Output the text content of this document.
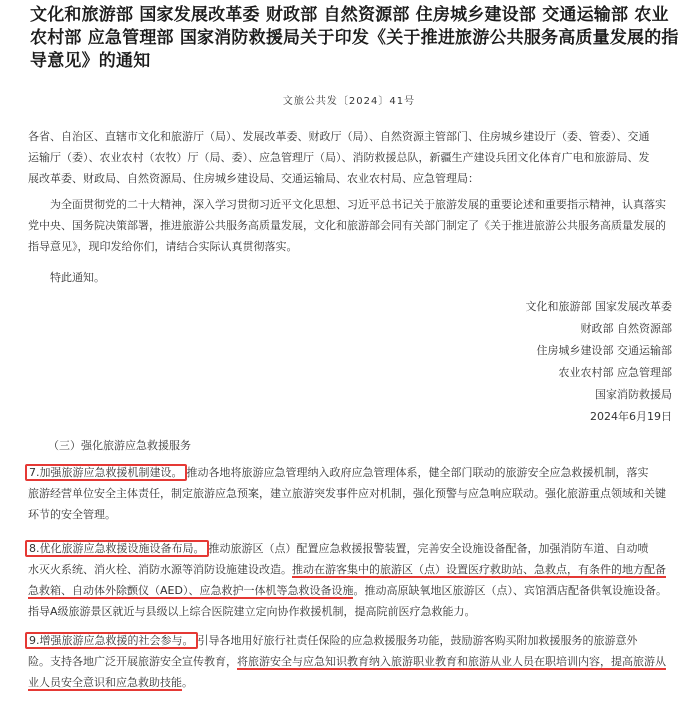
文化和旅游部 国家发展改革委 财政部 自然资源部 住房城乡建设部 交通运输部 农业
农村部 应急管理部 国家消防救援局关于印发《关于推进旅游公共服务高质量发展的指
导意见》的通知
文旅公共发〔2024〕41号
各省、自治区、直辖市文化和旅游厅（局）、发展改革委、财政厅（局）、自然资源主管部门、住房城乡建设厅（委、管委）、交通
运输厅（委）、农业农村（农牧）厅（局、委）、应急管理厅（局）、消防救援总队，新疆生产建设兵团文化体育广电和旅游局、发
展改革委、财政局、自然资源局、住房城乡建设局、交通运输局、农业农村局、应急管理局：
为全面贯彻党的二十大精神，深入学习贯彻习近平文化思想、习近平总书记关于旅游发展的重要论述和重要指示精神，认真落实
党中央、国务院决策部署，推进旅游公共服务高质量发展，文化和旅游部会同有关部门制定了《关于推进旅游公共服务高质量发展的
指导意见》，现印发给你们，请结合实际认真贯彻落实。
特此通知。
文化和旅游部 国家发展改革委
财政部 自然资源部
住房城乡建设部 交通运输部
农业农村部 应急管理部
国家消防救援局
2024年6月19日
（三）强化旅游应急救援服务
7.加强旅游应急救援机制建设。 推动各地将旅游应急管理纳入政府应急管理体系，健全部门联动的旅游安全应急救援机制，落实
旅游经营单位安全主体责任，制定旅游应急预案，建立旅游突发事件应对机制，强化预警与应急响应联动。强化旅游重点领域和关键
环节的安全管理。
8.优化旅游应急救援设施设备布局。 推动旅游区（点）配置应急救援报警装置，完善安全设施设备配备，加强消防车道、自动喷
水灭火系统、消火栓、消防水源等消防设施建设改造。推动在游客集中的旅游区（点）设置医疗救助站、急救点，有条件的地方配备
急救箱、自动体外除颤仪（AED）、应急救护一体机等急救设备设施。推动高原缺氧地区旅游区（点）、宾馆酒店配备供氧设施设备。
指导A级旅游景区就近与县级以上综合医院建立定向协作救援机制，提高院前医疗急救能力。
9.增强旅游应急救援的社会参与。 引导各地用好旅行社责任保险的应急救援服务功能，鼓励游客购买附加救援服务的旅游意外
险。支持各地广泛开展旅游安全宣传教育，将旅游安全与应急知识教育纳入旅游职业教育和旅游从业人员在职培训内容，提高旅游从
业人员安全意识和应急救助技能。
